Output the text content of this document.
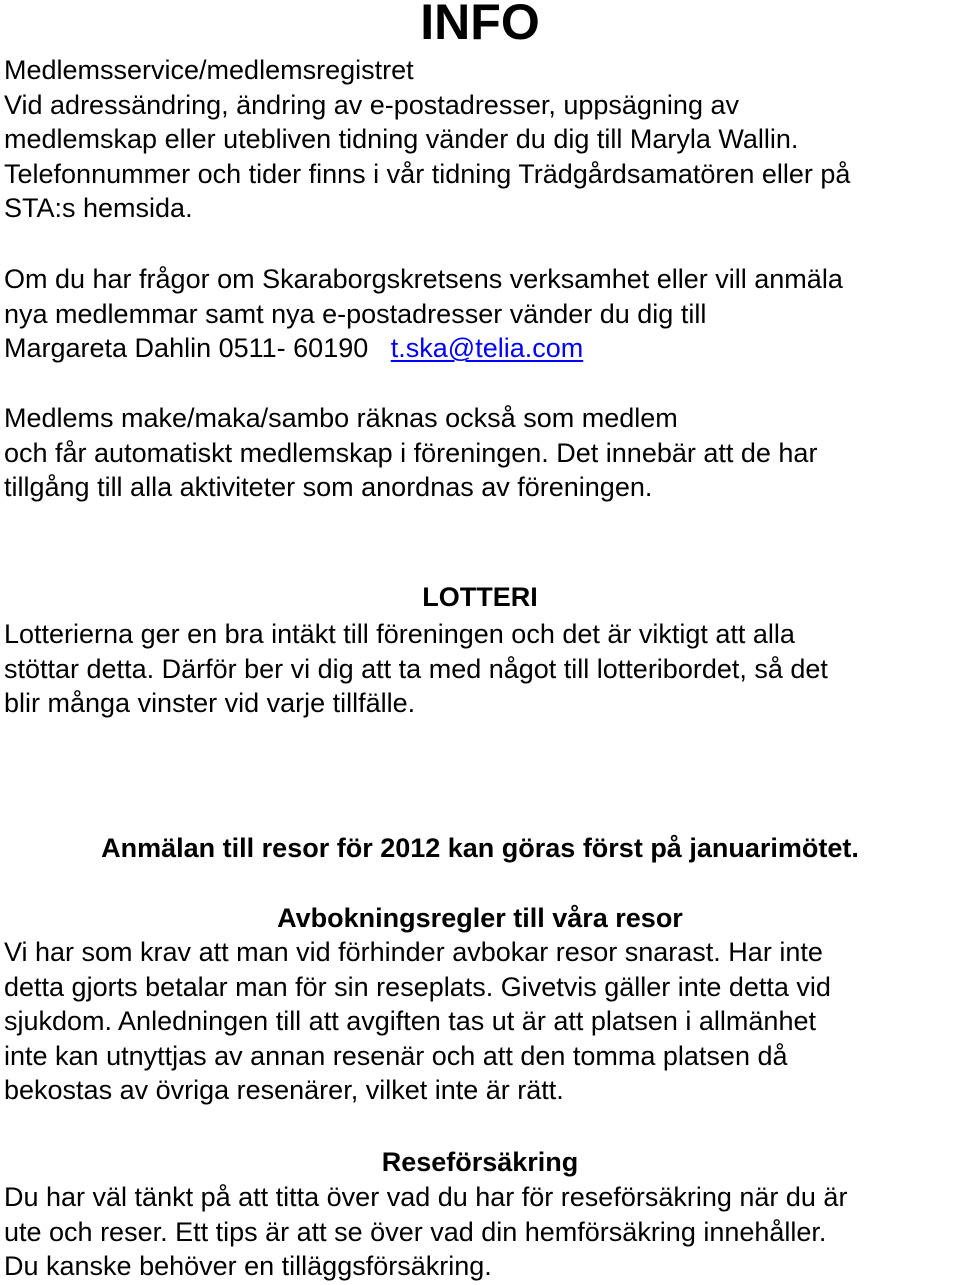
INFO
Medlemsservice/medlemsregistret
Vid adressändring, ändring av e-postadresser, uppsägning av
medlemskap eller utebliven tidning vänder du dig till Maryla Wallin.
Telefonnummer och tider finns i vår tidning Trädgårdsamatören eller på
STA:s hemsida.
Om du har frågor om Skaraborgskretsens verksamhet eller vill anmäla
nya medlemmar samt nya e-postadresser vänder du dig till
Margareta Dahlin 0511- 60190 t.ska@telia.com
Medlems make/maka/sambo räknas också som medlem
och får automatiskt medlemskap i föreningen. Det innebär att de har
tillgång till alla aktiviteter som anordnas av föreningen.
LOTTERI
Lotterierna ger en bra intäkt till föreningen och det är viktigt att alla
stöttar detta. Därför ber vi dig att ta med något till lotteribordet, så det
blir många vinster vid varje tillfälle.
Anmälan till resor för 2012 kan göras först på januarimötet.
Avbokningsregler till våra resor
Vi har som krav att man vid förhinder avbokar resor snarast. Har inte
detta gjorts betalar man för sin reseplats. Givetvis gäller inte detta vid
sjukdom. Anledningen till att avgiften tas ut är att platsen i allmänhet
inte kan utnyttjas av annan resenär och att den tomma platsen då
bekostas av övriga resenärer, vilket inte är rätt.
Reseförsäkring
Du har väl tänkt på att titta över vad du har för reseförsäkring när du är
ute och reser. Ett tips är att se över vad din hemförsäkring innehåller.
Du kanske behöver en tilläggsförsäkring.
